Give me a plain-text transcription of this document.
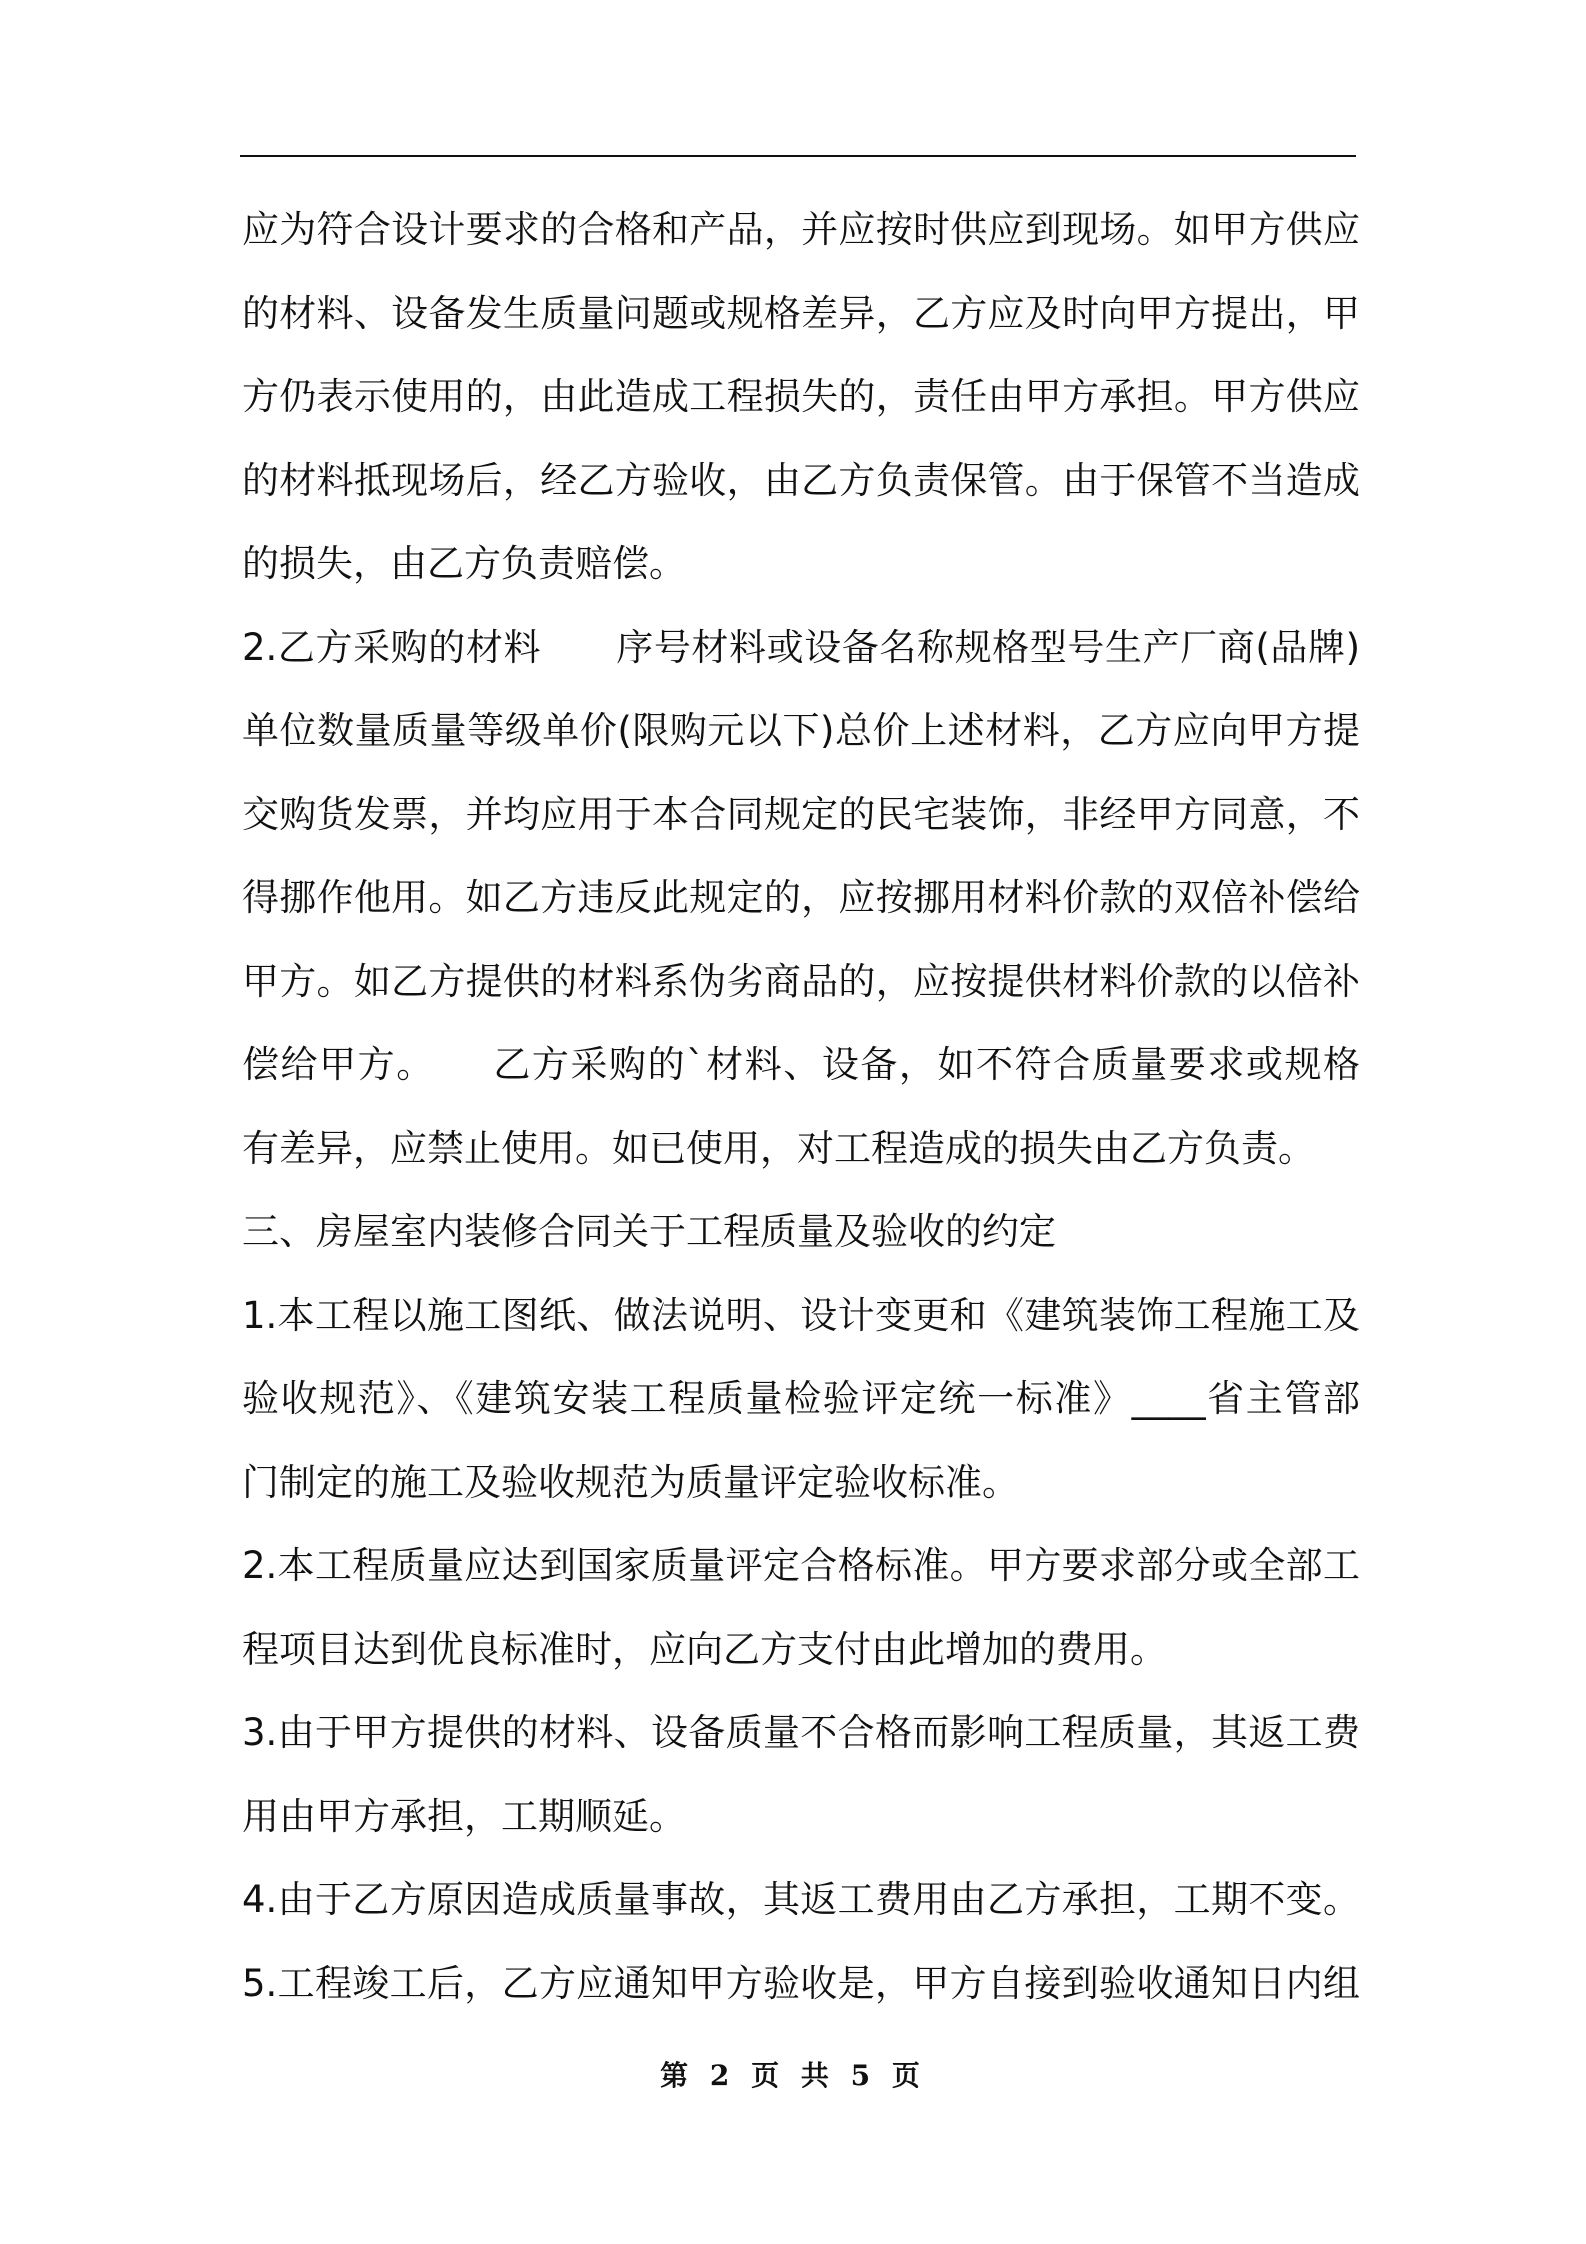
应为符合设计要求的合格和产品，并应按时供应到现场。如甲方供应
的材料、设备发生质量问题或规格差异，乙方应及时向甲方提出，甲
方仍表示使用的，由此造成工程损失的，责任由甲方承担。甲方供应
的材料抵现场后，经乙方验收，由乙方负责保管。由于保管不当造成
的损失，由乙方负责赔偿。
2.乙方采购的材料　　序号材料或设备名称规格型号生产厂商(品牌)
单位数量质量等级单价(限购元以下)总价上述材料，乙方应向甲方提
交购货发票，并均应用于本合同规定的民宅装饰，非经甲方同意，不
得挪作他用。如乙方违反此规定的，应按挪用材料价款的双倍补偿给
甲方。如乙方提供的材料系伪劣商品的，应按提供材料价款的以倍补
偿给甲方。　　乙方采购的`材料、设备，如不符合质量要求或规格
有差异，应禁止使用。如已使用，对工程造成的损失由乙方负责。
三、房屋室内装修合同关于工程质量及验收的约定
1.本工程以施工图纸、做法说明、设计变更和《建筑装饰工程施工及
验收规范》、《建筑安装工程质量检验评定统一标准》____省主管部
门制定的施工及验收规范为质量评定验收标准。
2.本工程质量应达到国家质量评定合格标准。甲方要求部分或全部工
程项目达到优良标准时，应向乙方支付由此增加的费用。
3.由于甲方提供的材料、设备质量不合格而影响工程质量，其返工费
用由甲方承担，工期顺延。
4.由于乙方原因造成质量事故，其返工费用由乙方承担，工期不变。
5.工程竣工后，乙方应通知甲方验收是，甲方自接到验收通知日内组
第 2 页 共 5 页
